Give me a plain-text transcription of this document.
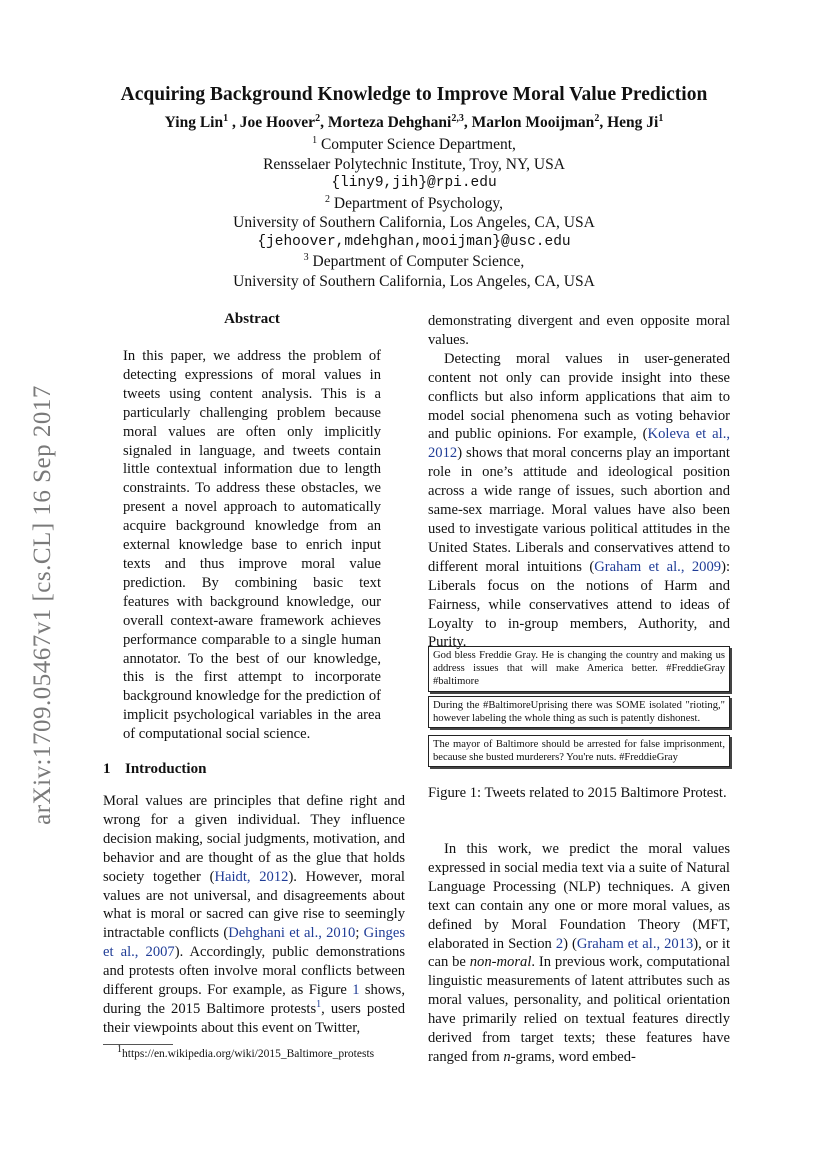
arXiv:1709.05467v1 [cs.CL] 16 Sep 2017
Acquiring Background Knowledge to Improve Moral Value Prediction
Ying Lin$^1$ , Joe Hoover$^2$, Morteza Dehghani$^{2,3}$, Marlon Mooijman$^2$, Heng Ji$^1$
$^1$ Computer Science Department,
Rensselaer Polytechnic Institute, Troy, NY, USA
{liny9,jih}@rpi.edu
$^2$ Department of Psychology,
University of Southern California, Los Angeles, CA, USA
{jehoover,mdehghan,mooijman}@usc.edu
$^3$ Department of Computer Science,
University of Southern California, Los Angeles, CA, USA
Abstract

In this paper, we address the problem of detecting expressions of moral values in tweets using content analysis. This is a particularly challenging problem because moral values are often only implicitly signaled in language, and tweets contain little contextual information due to length constraints. To address these obstacles, we present a novel approach to automatically acquire background knowledge from an external knowledge base to enrich input texts and thus improve moral value prediction. By combining basic text features with background knowledge, our overall context-aware framework achieves performance comparable to a single human annotator. To the best of our knowledge, this is the first attempt to incorporate background knowledge for the prediction of implicit psychological variables in the area of computational social science.

1 Introduction

Moral values are principles that define right and wrong for a given individual. They influence decision making, social judgments, motivation, and behavior and are thought of as the glue that holds society together (Haidt, 2012). However, moral values are not universal, and disagreements about what is moral or sacred can give rise to seemingly intractable conflicts (Dehghani et al., 2010; Ginges et al., 2007). Accordingly, public demonstrations and protests often involve moral conflicts between different groups. For example, as Figure 1 shows, during the 2015 Baltimore protests$^1$, users posted their viewpoints about this event on Twitter,

demonstrating divergent and even opposite moral values.

Detecting moral values in user-generated content not only can provide insight into these conflicts but also inform applications that aim to model social phenomena such as voting behavior and public opinions. For example, (Koleva et al., 2012) shows that moral concerns play an important role in one’s attitude and ideological position across a wide range of issues, such abortion and same-sex marriage. Moral values have also been used to investigate various political attitudes in the United States. Liberals and conservatives attend to different moral intuitions (Graham et al., 2009): Liberals focus on the notions of Harm and Fairness, while conservatives attend to ideas of Loyalty to in-group members, Authority, and Purity.

God bless Freddie Gray. He is changing the country and making us address issues that will make America better. #FreddieGray #baltimore
During the #BaltimoreUprising there was SOME isolated "rioting," however labeling the whole thing as such is patently dishonest.
The mayor of Baltimore should be arrested for false imprisonment, because she busted murderers? You're nuts. #FreddieGray
Figure 1: Tweets related to 2015 Baltimore Protest.

In this work, we predict the moral values expressed in social media text via a suite of Natural Language Processing (NLP) techniques. A given text can contain any one or more moral values, as defined by Moral Foundation Theory (MFT, elaborated in Section 2) (Graham et al., 2013), or it can be non-moral. In previous work, computational linguistic measurements of latent attributes such as moral values, personality, and political orientation have primarily relied on textual features directly derived from target texts; these features have ranged from n-grams, word embed-

$^1$https://en.wikipedia.org/wiki/2015_Baltimore_protests
